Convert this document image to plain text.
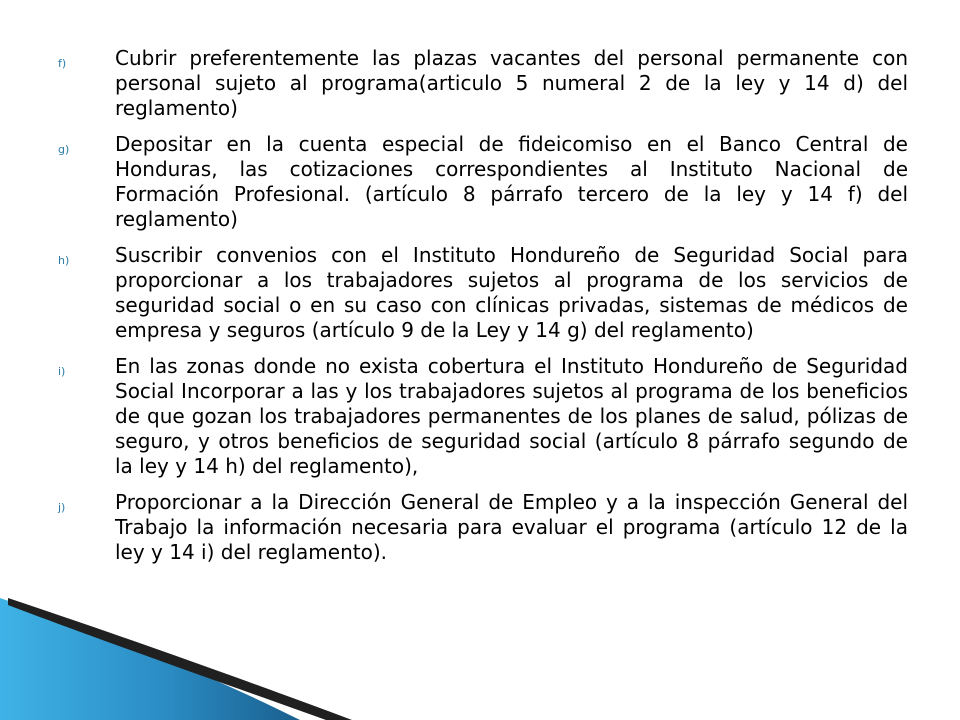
f) Cubrir preferentemente las plazas vacantes del personal permanente con personal sujeto al programa(articulo 5 numeral 2 de la ley y 14 d) del reglamento)
g) Depositar en la cuenta especial de fideicomiso en el Banco Central de Honduras, las cotizaciones correspondientes al Instituto Nacional de Formación Profesional. (artículo 8 párrafo tercero de la ley y 14 f) del reglamento)
h) Suscribir convenios con el Instituto Hondureño de Seguridad Social para proporcionar a los trabajadores sujetos al programa de los servicios de seguridad social o en su caso con clínicas privadas, sistemas de médicos de empresa y seguros (artículo 9 de la Ley y 14 g) del reglamento)
i) En las zonas donde no exista cobertura el Instituto Hondureño de Seguridad Social Incorporar a las y los trabajadores sujetos al programa de los beneficios de que gozan los trabajadores permanentes de los planes de salud, pólizas de seguro, y otros beneficios de seguridad social (artículo 8 párrafo segundo de la ley y 14 h) del reglamento),
j) Proporcionar a la Dirección General de Empleo y a la inspección General del Trabajo la información necesaria para evaluar el programa (artículo 12 de la ley y 14 i) del reglamento).
